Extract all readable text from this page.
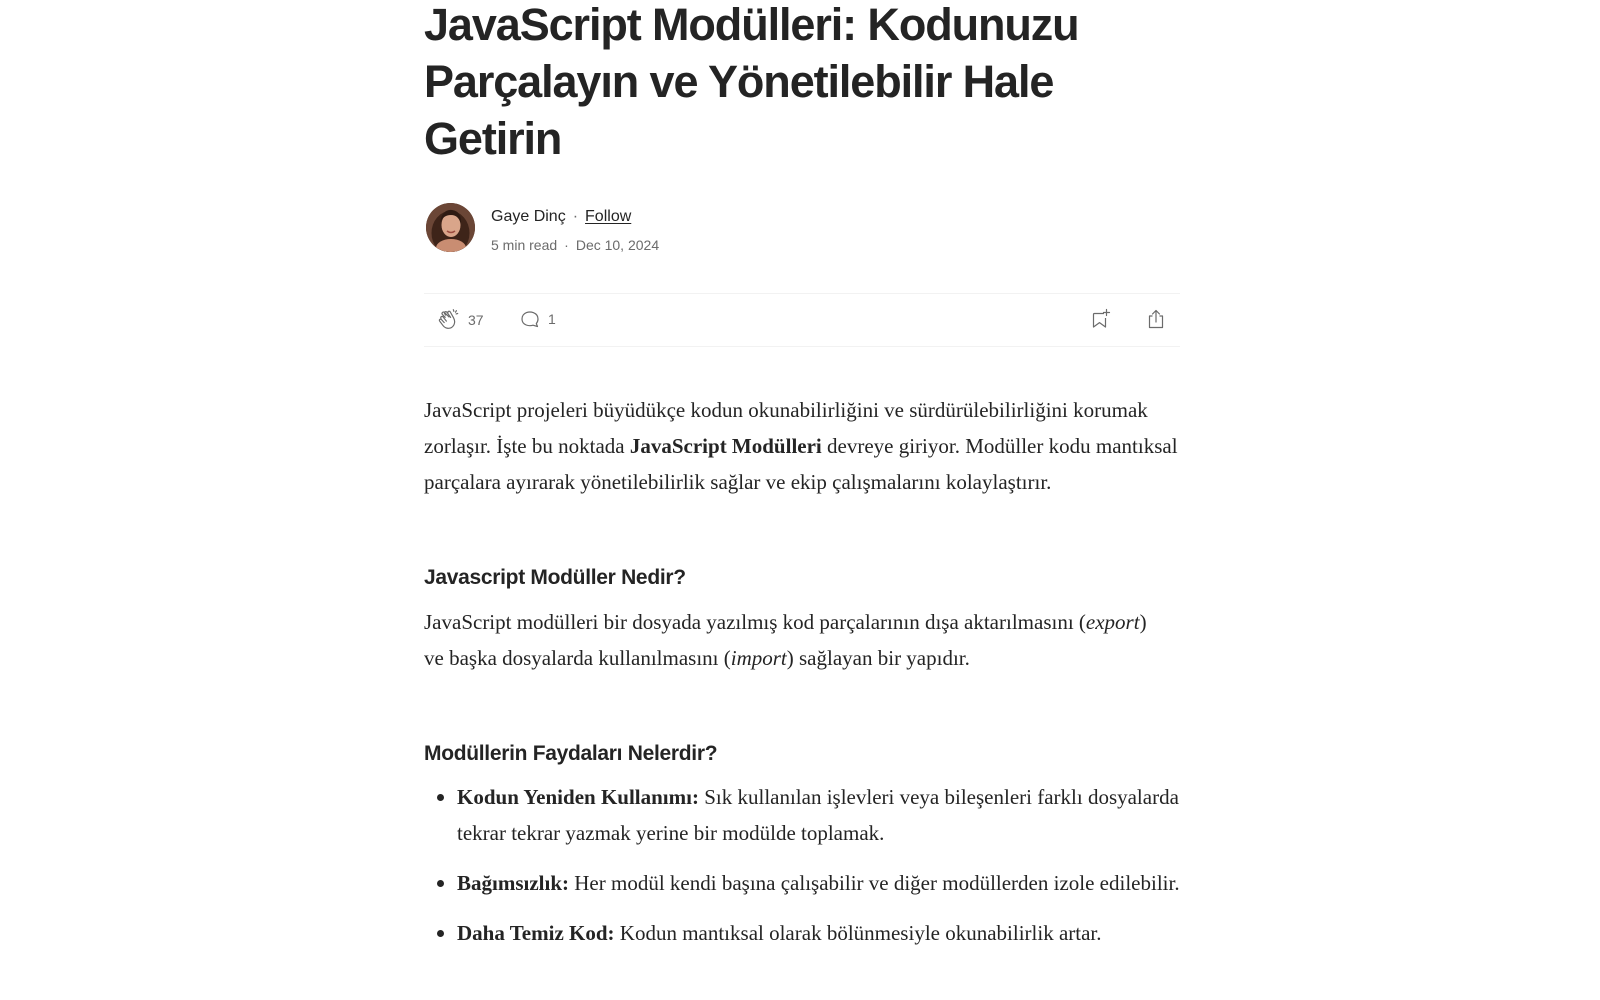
JavaScript Modülleri: Kodunuzu Parçalayın ve Yönetilebilir Hale Getirin
Gaye Dinç · Follow
5 min read · Dec 10, 2024
37	1

JavaScript projeleri büyüdükçe kodun okunabilirliğini ve sürdürülebilirliğini korumak zorlaşır. İşte bu noktada JavaScript Modülleri devreye giriyor. Modüller kodu mantıksal parçalara ayırarak yönetilebilirlik sağlar ve ekip çalışmalarını kolaylaştırır.

Javascript Modüller Nedir?

JavaScript modülleri bir dosyada yazılmış kod parçalarının dışa aktarılmasını (export) ve başka dosyalarda kullanılmasını (import) sağlayan bir yapıdır.

Modüllerin Faydaları Nelerdir?
Kodun Yeniden Kullanımı: Sık kullanılan işlevleri veya bileşenleri farklı dosyalarda tekrar tekrar yazmak yerine bir modülde toplamak.
Bağımsızlık: Her modül kendi başına çalışabilir ve diğer modüllerden izole edilebilir.
Daha Temiz Kod: Kodun mantıksal olarak bölünmesiyle okunabilirlik artar.
